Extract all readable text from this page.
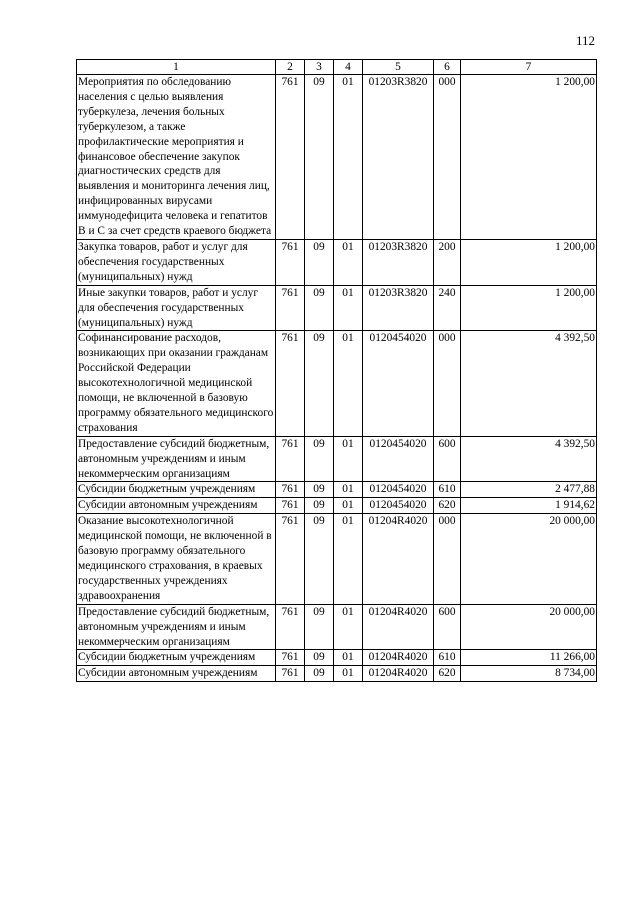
112
1	2	3	4	5	6	7
Мероприятия по обследованию населения с целью выявления туберкулеза, лечения больных туберкулезом, а также профилактические мероприятия и финансовое обеспечение закупок диагностических средств для выявления и мониторинга лечения лиц, инфицированных вирусами иммунодефицита человека и гепатитов B и C за счет средств краевого бюджета	761	09	01	01203R3820	000	1 200,00
Закупка товаров, работ и услуг для обеспечения государственных (муниципальных) нужд	761	09	01	01203R3820	200	1 200,00
Иные закупки товаров, работ и услуг для обеспечения государственных (муниципальных) нужд	761	09	01	01203R3820	240	1 200,00
Софинансирование расходов, возникающих при оказании гражданам Российской Федерации высокотехнологичной медицинской помощи, не включенной в базовую программу обязательного медицинского страхования	761	09	01	0120454020	000	4 392,50
Предоставление субсидий бюджетным, автономным учреждениям и иным некоммерческим организациям	761	09	01	0120454020	600	4 392,50
Субсидии бюджетным учреждениям	761	09	01	0120454020	610	2 477,88
Субсидии автономным учреждениям	761	09	01	0120454020	620	1 914,62
Оказание высокотехнологичной медицинской помощи, не включенной в базовую программу обязательного медицинского страхования, в краевых государственных учреждениях здравоохранения	761	09	01	01204R4020	000	20 000,00
Предоставление субсидий бюджетным, автономным учреждениям и иным некоммерческим организациям	761	09	01	01204R4020	600	20 000,00
Субсидии бюджетным учреждениям	761	09	01	01204R4020	610	11 266,00
Субсидии автономным учреждениям	761	09	01	01204R4020	620	8 734,00
